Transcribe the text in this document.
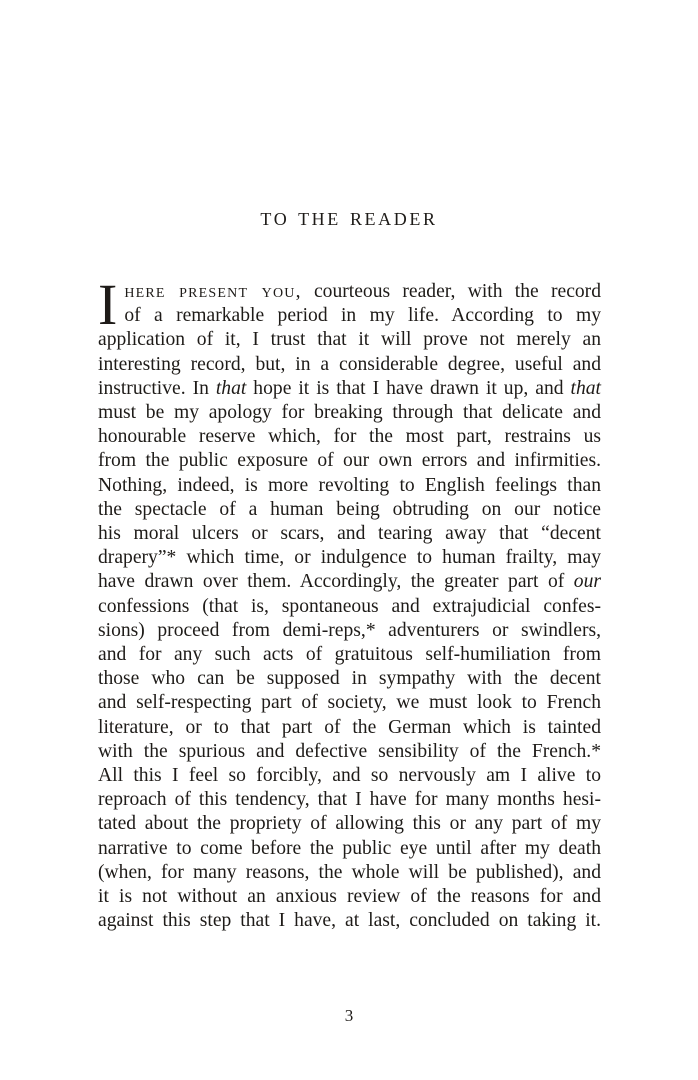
TO THE READER
I here present you, courteous reader, with the record
of a remarkable period in my life. According to my
application of it, I trust that it will prove not merely an
interesting record, but, in a considerable degree, useful and
instructive. In that hope it is that I have drawn it up, and that
must be my apology for breaking through that delicate and
honourable reserve which, for the most part, restrains us
from the public exposure of our own errors and infirmities.
Nothing, indeed, is more revolting to English feelings than
the spectacle of a human being obtruding on our notice
his moral ulcers or scars, and tearing away that “decent
drapery”* which time, or indulgence to human frailty, may
have drawn over them. Accordingly, the greater part of our
confessions (that is, spontaneous and extrajudicial confes-
sions) proceed from demi-reps,* adventurers or swindlers,
and for any such acts of gratuitous self-humiliation from
those who can be supposed in sympathy with the decent
and self-respecting part of society, we must look to French
literature, or to that part of the German which is tainted
with the spurious and defective sensibility of the French.*
All this I feel so forcibly, and so nervously am I alive to
reproach of this tendency, that I have for many months hesi-
tated about the propriety of allowing this or any part of my
narrative to come before the public eye until after my death
(when, for many reasons, the whole will be published), and
it is not without an anxious review of the reasons for and
against this step that I have, at last, concluded on taking it.
3
